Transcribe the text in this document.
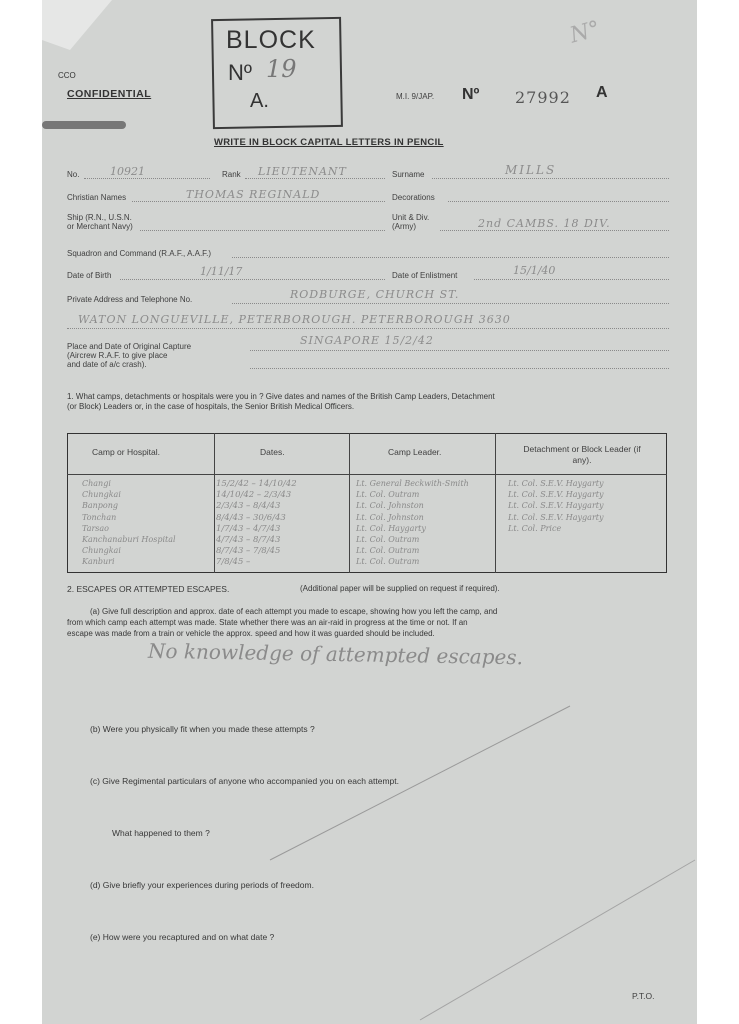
BLOCK
Nº 19
A.
CCO
CONFIDENTIAL	M.I. 9/JAP. Nº 27992 A
N°
WRITE IN BLOCK CAPITAL LETTERS IN PENCIL
No.	10921	Rank LIEUTENANT	Surname	MILLS
Christian Names	THOMAS REGINALD	Decorations
Ship (R.N., U.S.N.
or Merchant Navy)
Unit & Div.
(Army)	2nd CAMBS. 18 DIV.
Squadron and Command (R.A.F., A.A.F.)
Date of Birth	1/11/17	Date of Enlistment	15/1/40
Private Address and Telephone No.	RODBURGE, CHURCH ST.
WATON LONGUEVILLE, PETERBOROUGH. PETERBOROUGH 3630
Place and Date of Original Capture
(Aircrew R.A.F. to give place
and date of a/c crash).
SINGAPORE 15/2/42
1. What camps, detachments or hospitals were you in ? Give dates and names of the British Camp Leaders, Detachment
(or Block) Leaders or, in the case of hospitals, the Senior British Medical Officers.
Camp or Hospital.	Dates.	Camp Leader.	Detachment or Block Leader (if any).
Changi	15/2/42 – 14/10/42	Lt. General Beckwith-Smith	Lt. Col. S.E.V. Haygarty
Chungkai	14/10/42 – 2/3/43	Lt. Col. Outram	Lt. Col. S.E.V. Haygarty
Banpong	2/3/43 – 8/4/43	Lt. Col. Johnston	Lt. Col. S.E.V. Haygarty
Tonchan	8/4/43 – 30/6/43	Lt. Col. Johnston	Lt. Col. S.E.V. Haygarty
Tarsao	1/7/43 – 4/7/43	Lt. Col. Haygarty	Lt. Col. Price
Kanchanaburi Hospital	4/7/43 – 8/7/43	Lt. Col. Outram
Chungkai	8/7/43 – 7/8/45	Lt. Col. Outram
Kanburi	7/8/45 –	Lt. Col. Outram
2. ESCAPES OR ATTEMPTED ESCAPES.	(Additional paper will be supplied on request if required).
(a) Give full description and approx. date of each attempt you made to escape, showing how you left the camp, and
from which camp each attempt was made. State whether there was an air-raid in progress at the time or not. If an
escape was made from a train or vehicle the approx. speed and how it was guarded should be included.
No knowledge of attempted escapes.
(b) Were you physically fit when you made these attempts ?
(c) Give Regimental particulars of anyone who accompanied you on each attempt.
What happened to them ?
(d) Give briefly your experiences during periods of freedom.
(e) How were you recaptured and on what date ?
P.T.O.
